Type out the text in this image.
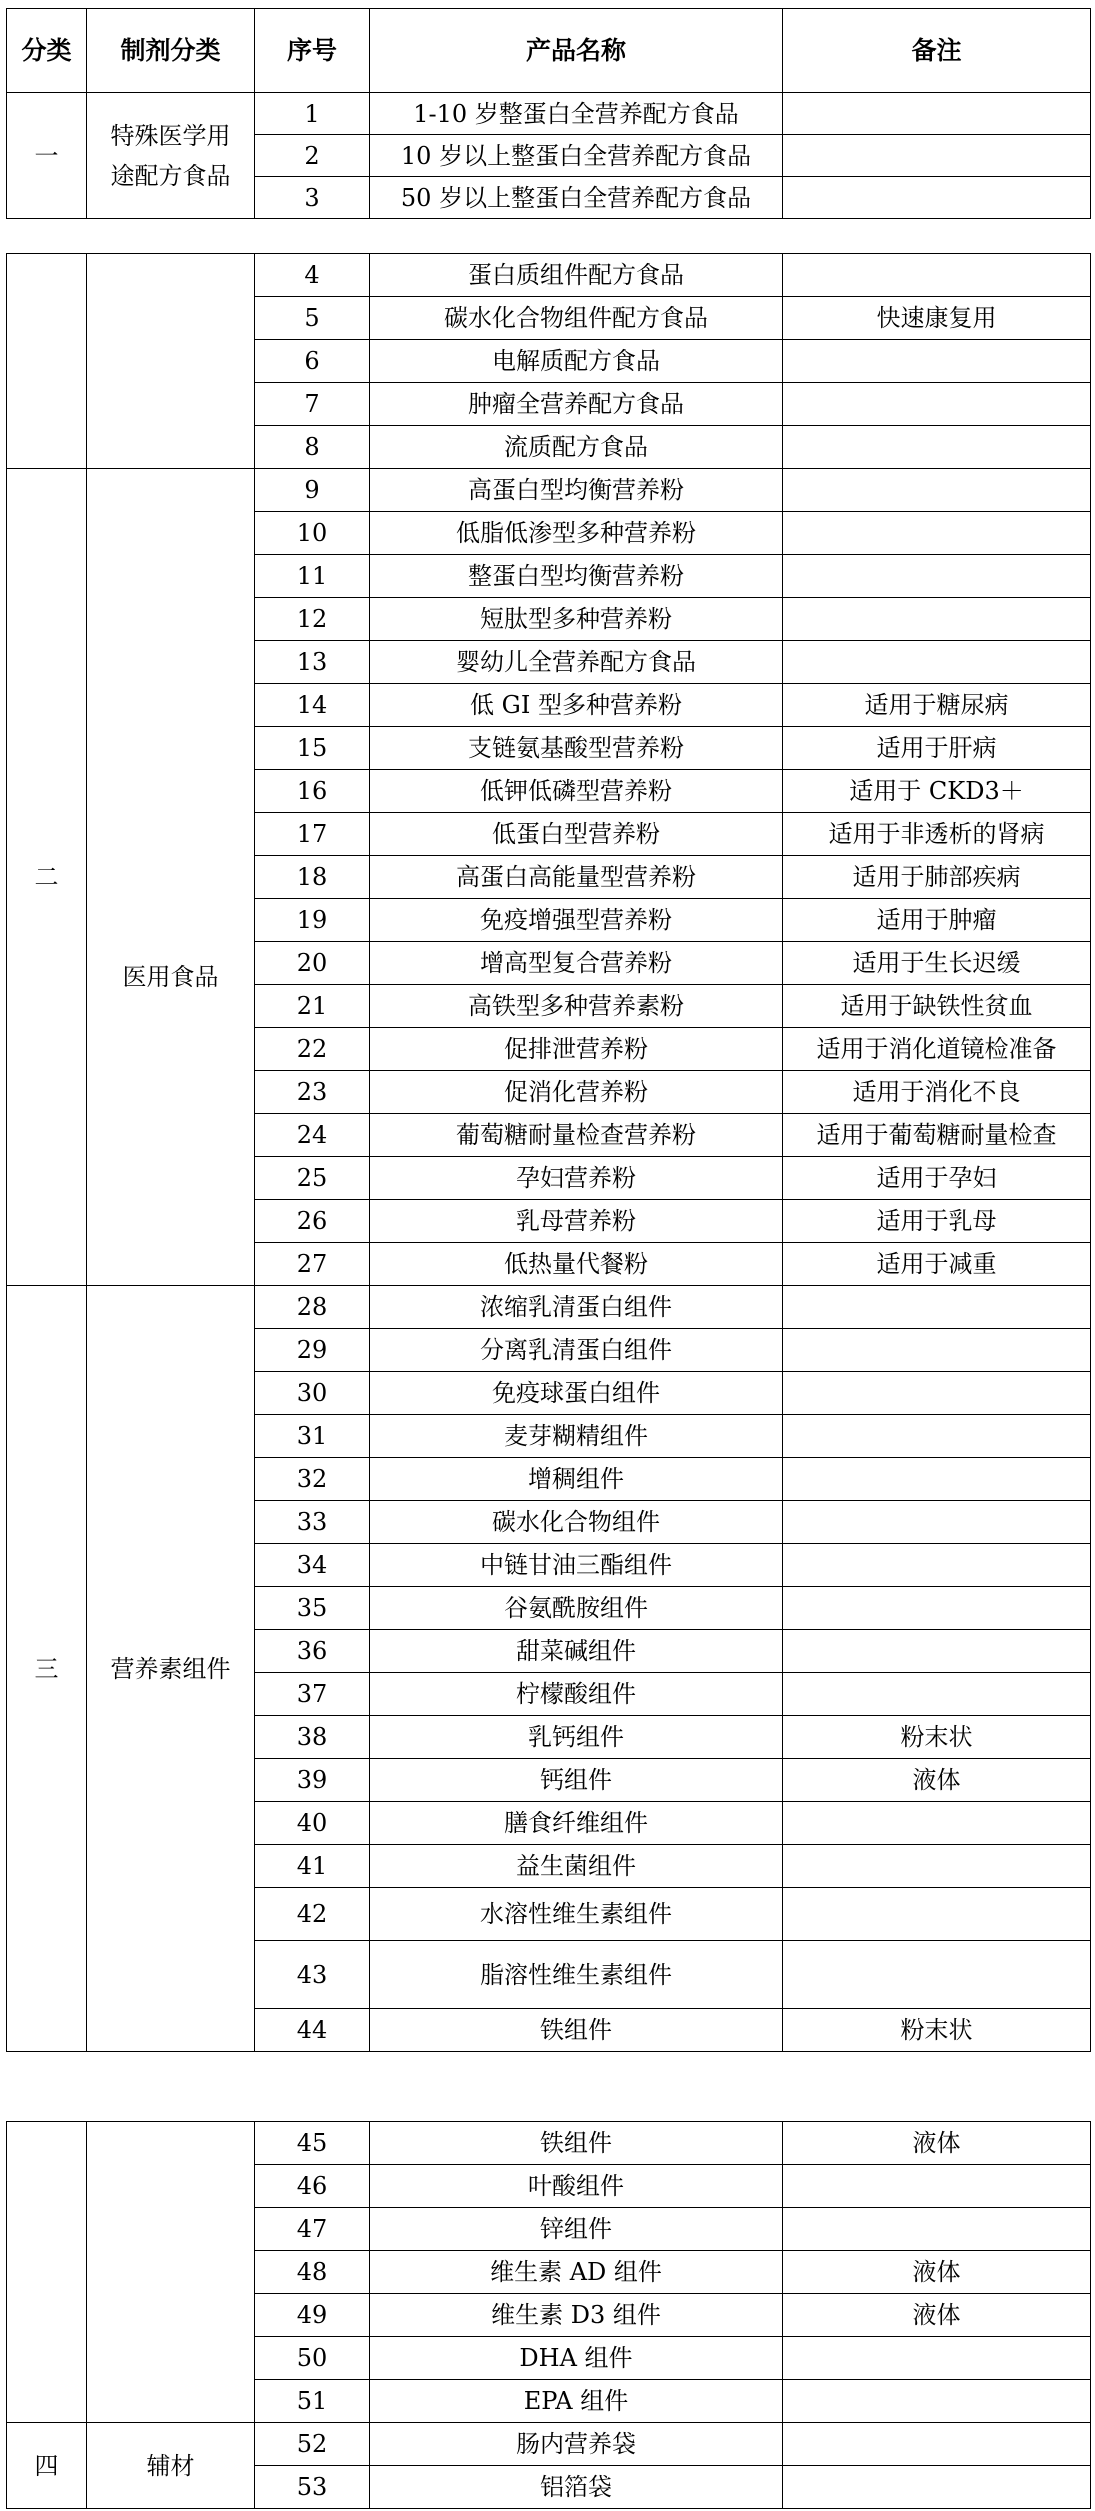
分类	制剂分类	序号	产品名称	备注
一	特殊医学用途配方食品	1	1-10 岁整蛋白全营养配方食品	
		2	10 岁以上整蛋白全营养配方食品	
		3	50 岁以上整蛋白全营养配方食品	
		4	蛋白质组件配方食品	
		5	碳水化合物组件配方食品	快速康复用
		6	电解质配方食品	
		7	肿瘤全营养配方食品	
		8	流质配方食品	
二	医用食品	9	高蛋白型均衡营养粉	
		10	低脂低渗型多种营养粉	
		11	整蛋白型均衡营养粉	
		12	短肽型多种营养粉	
		13	婴幼儿全营养配方食品	
		14	低 GI 型多种营养粉	适用于糖尿病
		15	支链氨基酸型营养粉	适用于肝病
		16	低钾低磷型营养粉	适用于 CKD3＋
		17	低蛋白型营养粉	适用于非透析的肾病
		18	高蛋白高能量型营养粉	适用于肺部疾病
		19	免疫增强型营养粉	适用于肿瘤
		20	增高型复合营养粉	适用于生长迟缓
		21	高铁型多种营养素粉	适用于缺铁性贫血
		22	促排泄营养粉	适用于消化道镜检准备
		23	促消化营养粉	适用于消化不良
		24	葡萄糖耐量检查营养粉	适用于葡萄糖耐量检查
		25	孕妇营养粉	适用于孕妇
		26	乳母营养粉	适用于乳母
		27	低热量代餐粉	适用于减重
三	营养素组件	28	浓缩乳清蛋白组件	
		29	分离乳清蛋白组件	
		30	免疫球蛋白组件	
		31	麦芽糊精组件	
		32	增稠组件	
		33	碳水化合物组件	
		34	中链甘油三酯组件	
		35	谷氨酰胺组件	
		36	甜菜碱组件	
		37	柠檬酸组件	
		38	乳钙组件	粉末状
		39	钙组件	液体
		40	膳食纤维组件	
		41	益生菌组件	
		42	水溶性维生素组件	
		43	脂溶性维生素组件	
		44	铁组件	粉末状
		45	铁组件	液体
		46	叶酸组件	
		47	锌组件	
		48	维生素 AD 组件	液体
		49	维生素 D3 组件	液体
		50	DHA 组件	
		51	EPA 组件	
四	辅材	52	肠内营养袋	
		53	铝箔袋	
